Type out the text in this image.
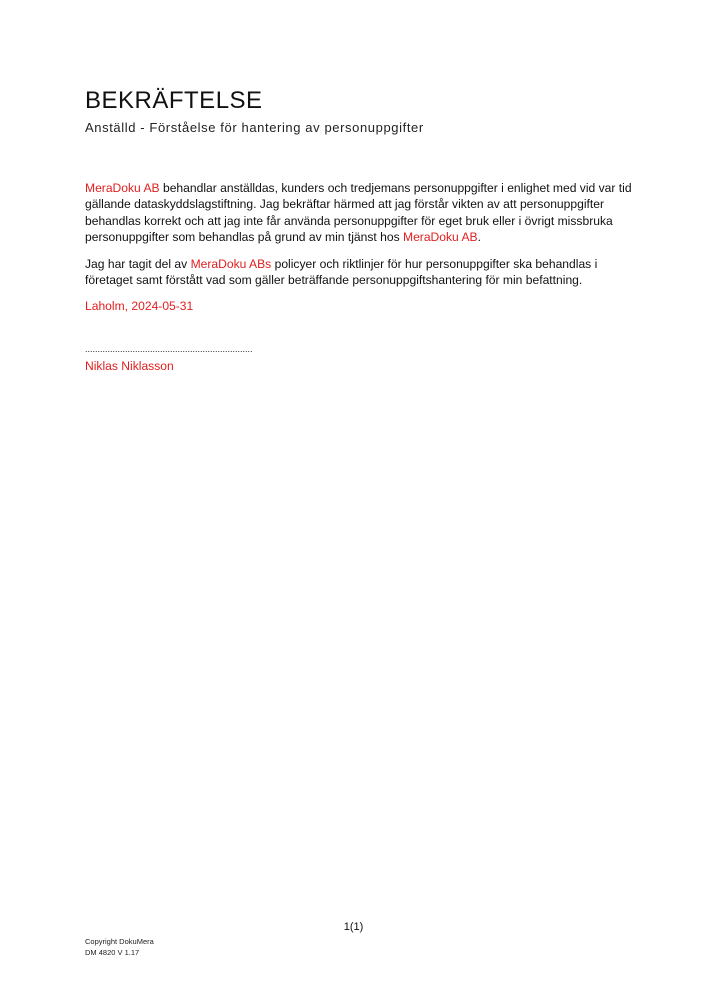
BEKRÄFTELSE
Anställd - Förståelse för hantering av personuppgifter

MeraDoku AB behandlar anställdas, kunders och tredjemans personuppgifter i enlighet med vid var tid gällande dataskyddslagstiftning. Jag bekräftar härmed att jag förstår vikten av att personuppgifter behandlas korrekt och att jag inte får använda personuppgifter för eget bruk eller i övrigt missbruka personuppgifter som behandlas på grund av min tjänst hos MeraDoku AB.

Jag har tagit del av MeraDoku ABs policyer och riktlinjer för hur personuppgifter ska behandlas i företaget samt förstått vad som gäller beträffande personuppgiftshantering för min befattning.

Laholm, 2024-05-31

...................................................................
Niklas Niklasson
1(1)
Copyright DokuMera
DM 4820 V 1.17
